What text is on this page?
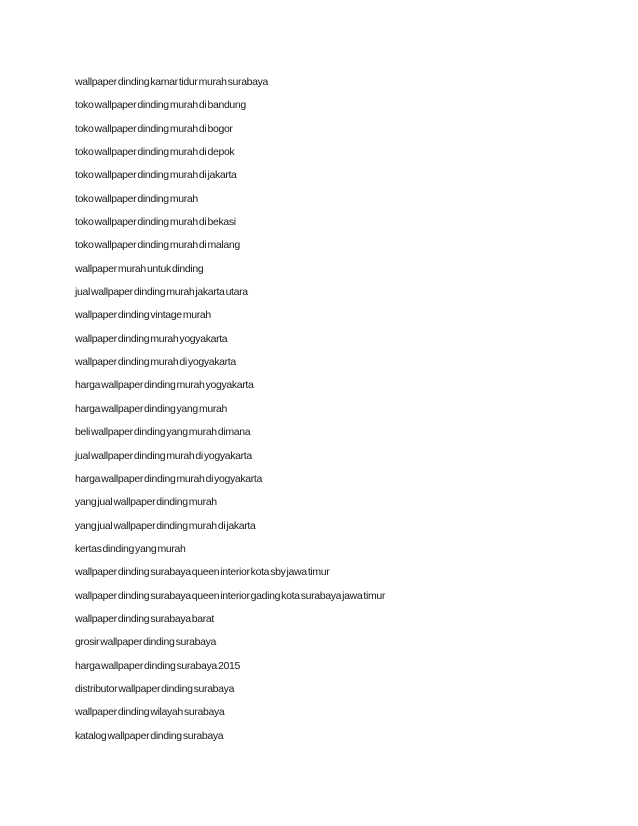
wallpaper dinding kamar tidur murah surabaya
toko wallpaper dinding murah di bandung
toko wallpaper dinding murah di bogor
toko wallpaper dinding murah di depok
toko wallpaper dinding murah di jakarta
toko wallpaper dinding murah
toko wallpaper dinding murah di bekasi
toko wallpaper dinding murah di malang
wallpaper murah untuk dinding
jual wallpaper dinding murah jakarta utara
wallpaper dinding vintage murah
wallpaper dinding murah yogyakarta
wallpaper dinding murah di yogyakarta
harga wallpaper dinding murah yogyakarta
harga wallpaper dinding yang murah
beli wallpaper dinding yang murah dimana
jual wallpaper dinding murah di yogyakarta
harga wallpaper dinding murah di yogyakarta
yang jual wallpaper dinding murah
yang jual wallpaper dinding murah di jakarta
kertas dinding yang murah
wallpaper dinding surabaya queen interior kota sby jawa timur
wallpaper dinding surabaya queen interior gading kota surabaya jawa timur
wallpaper dinding surabaya barat
grosir wallpaper dinding surabaya
harga wallpaper dinding surabaya 2015
distributor wallpaper dinding surabaya
wallpaper dinding wilayah surabaya
katalog wallpaper dinding surabaya
